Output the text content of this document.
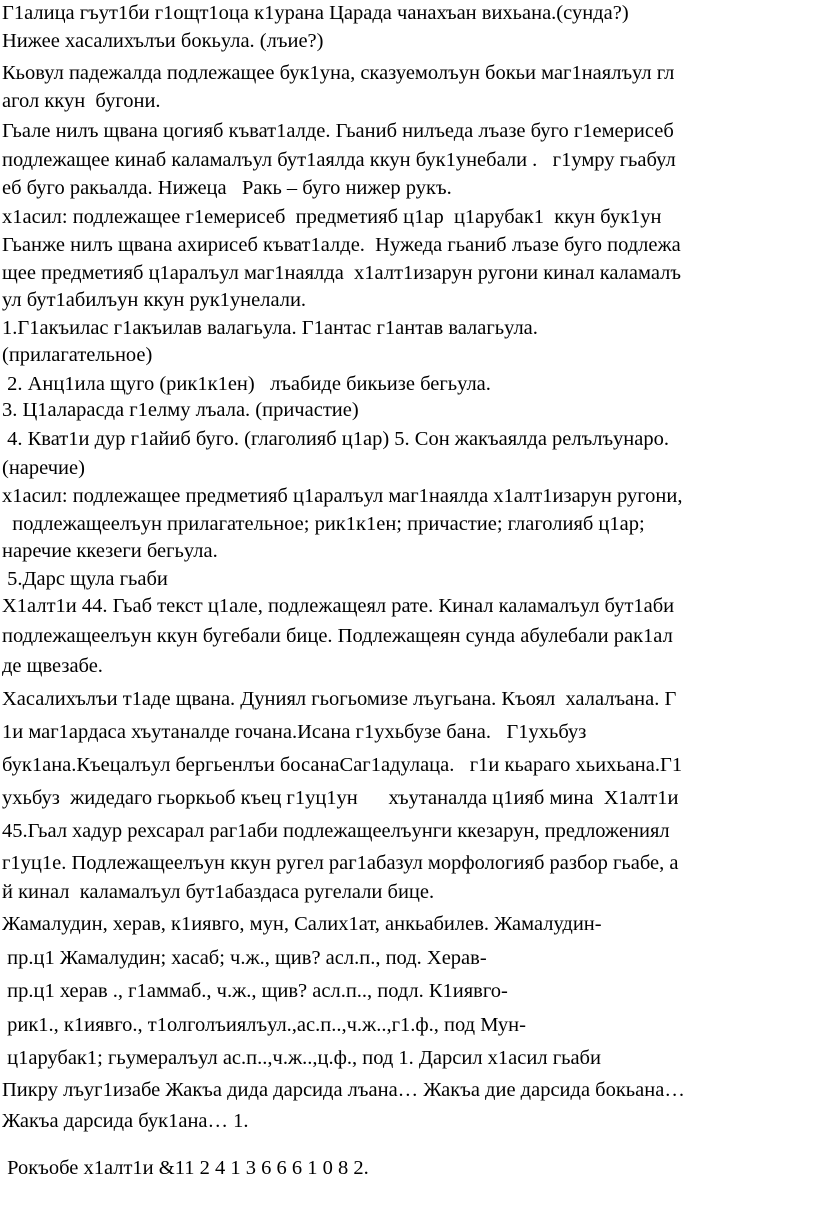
Г1алица гъут1би г1ощт1оца к1урана Царада чанахъан вихьана.(сунда?)
Нижее хасалихълъи бокьула. (лъие?)
Кьовул падежалда подлежащее бук1уна, сказуемолъун бокьи маг1наялъул гл
агол ккун  бугони.
Гьале нилъ щвана цогияб къват1алде. Гьаниб нилъеда лъазе буго г1емерисеб
подлежащее кинаб каламалъул бут1аялда ккун бук1унебали .   г1умру гьабул
еб буго ракьалда. Нижеца   Ракь – буго нижер рукъ.
х1асил: подлежащее г1емерисеб  предметияб ц1ар  ц1арубак1  ккун бук1ун
Гьанже нилъ щвана ахирисеб къват1алде.  Нужеда гьаниб лъазе буго подлежа
щее предметияб ц1аралъул маг1наялда  х1алт1изарун ругони кинал каламалъ
ул бут1абилъун ккун рук1унелали.
1.Г1акъилас г1акъилав валагьула. Г1антас г1антав валагьула.
(прилагательное)
2. Анц1ила щуго (рик1к1ен)   лъабиде бикьизе бегьула.
3. Ц1аларасда г1елму лъала. (причастие)
4. Кват1и дур г1айиб буго. (глаголияб ц1ар) 5. Сон жакъаялда релълъунаро.
(наречие)
х1асил: подлежащее предметияб ц1аралъул маг1наялда х1алт1изарун ругони,
подлежащеелъун прилагательное; рик1к1ен; причастие; глаголияб ц1ар;
наречие ккезеги бегьула.
5.Дарс щула гьаби
Х1алт1и 44. Гьаб текст ц1але, подлежащеял рате. Кинал каламалъул бут1аби
подлежащеелъун ккун бугебали бице. Подлежащеян сунда абулебали рак1ал
де щвезабе.
Хасалихълъи т1аде щвана. Дуниял гьогьомизе лъугьана. Къоял  халалъана. Г
1и маг1ардаса хъутаналде гочана.Исана г1ухьбузе бана.   Г1ухьбуз
бук1ана.Къецалъул бергьенлъи босанаСаг1адулаца.   г1и кьараго хьихьана.Г1
ухьбуз  жидедаго гьоркьоб къец г1уц1ун      хъутаналда ц1ияб мина  Х1алт1и
45.Гьал хадур рехсарал раг1аби подлежащеелъунги ккезарун, предложениял
г1уц1е. Подлежащеелъун ккун ругел раг1абазул морфологияб разбор гьабе, а
й кинал  каламалъул бут1абаздаса ругелали бице.
Жамалудин, херав, к1иявго, мун, Салих1ат, анкьабилев. Жамалудин-
пр.ц1 Жамалудин; хасаб; ч.ж., щив? асл.п., под. Херав-
пр.ц1 херав ., г1аммаб., ч.ж., щив? асл.п.., подл. К1иявго-
рик1., к1иявго., т1олголъиялъул.,ас.п..,ч.ж..,г1.ф., под Мун-
ц1арубак1; гьумералъул ас.п..,ч.ж..,ц.ф., под 1. Дарсил х1асил гьаби
Пикру лъуг1изабе Жакъа дида дарсида лъана… Жакъа дие дарсида бокьана…
Жакъа дарсида бук1ана… 1.
Рокъобе х1алт1и &11 2 4 1 3 6 6 6 1 0 8 2.
